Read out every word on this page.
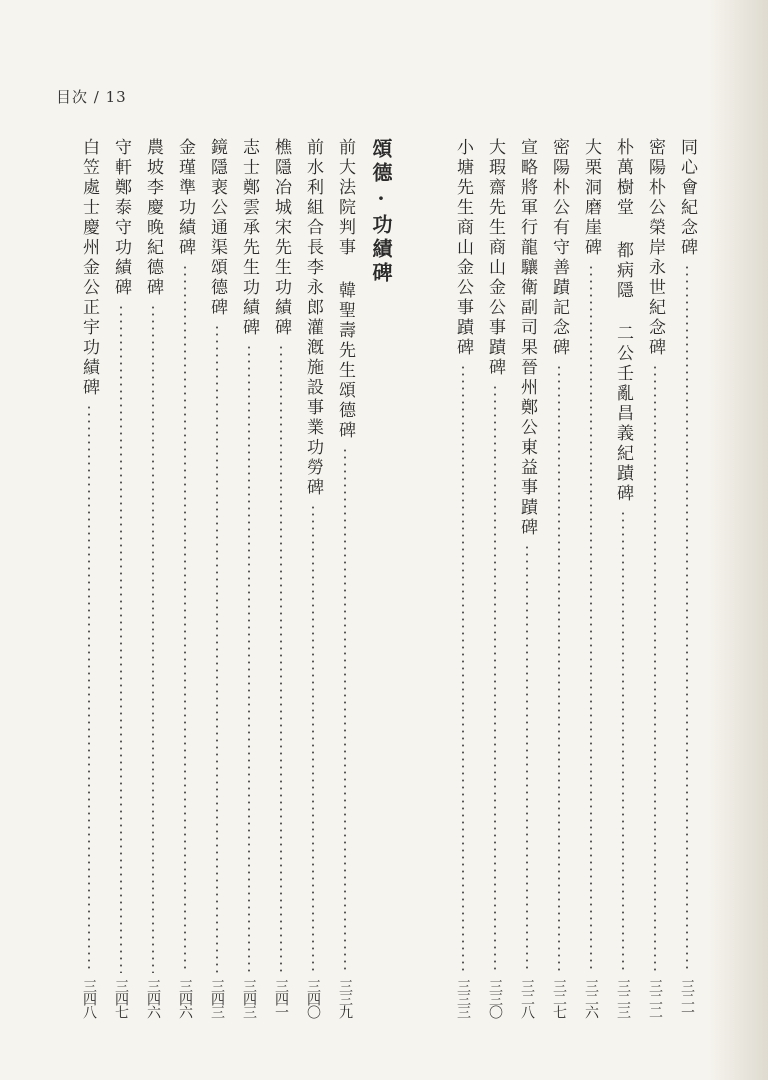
目次 / 13
同心會紀念碑
三二一
密陽朴公榮岸永世紀念碑
三二二
朴萬樹堂 都病隱 二公壬亂昌義紀蹟碑
三二三
大栗洞磨崖碑
三二六
密陽朴公有守善蹟記念碑
三二七
宣略將軍行龍驤衛副司果晉州鄭公東益事蹟碑
三二八
大瑕齋先生商山金公事蹟碑
三三〇
小塘先生商山金公事蹟碑
三三三
頌德·功績碑
前大法院判事 韓聖壽先生頌德碑
三三九
前水利組合長李永郎灌漑施設事業功勞碑
三四〇
樵隱冶城宋先生功績碑
三四一
志士鄭雲承先生功績碑
三四三
鏡隱裵公通渠頌德碑
三四三
金瑾準功績碑
三四六
農坡李慶晚紀德碑
三四六
守軒鄭泰守功績碑
三四七
白笠處士慶州金公正宇功績碑
三四八
